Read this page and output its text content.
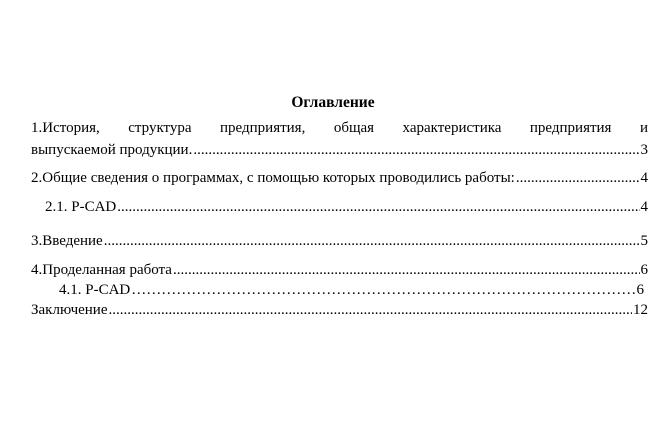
Оглавление
1.История, структура предприятия, общая характеристика предприятия и
выпускаемой продукции. .....	3
2.Общие сведения о программах, с помощью которых проводились работы: .....	4
2.1. P-CAD .....	4
3.Введение .....	5
4.Проделанная работа .....	6
4.1. P-CAD ……………………………………………………………………………………………………………………………………………………………	6
Заключение .....	12
